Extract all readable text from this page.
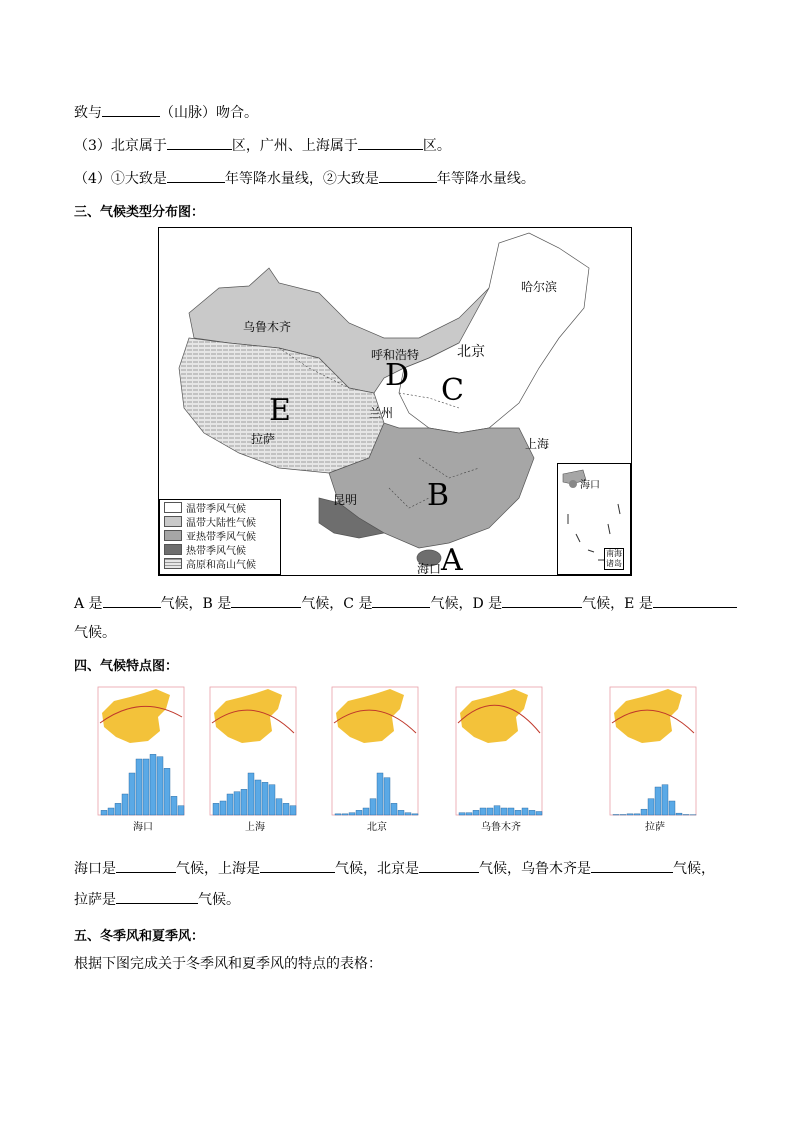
致与	（山脉）吻合。
（3）北京属于	区，广州、上海属于	区。
（4）①大致是	年等降水量线，②大致是	年等降水量线。
三、气候类型分布图：
乌鲁木齐
哈尔滨
呼和浩特	北京
兰州
拉萨	上海
昆明
海口 A
B
C
D
E
温带季风气候
温带大陆性气候
亚热带季风气候
热带季风气候
高原和高山气候
海口
南海
诸岛
A 是	气候，B 是	气候，C 是	气候，D 是	气候，E 是
气候。
四、气候特点图：
海口	上海	北京	乌鲁木齐	拉萨
海口是	气候，上海是	气候，北京是	气候，乌鲁木齐是	气候，
拉萨是	气候。
五、冬季风和夏季风：
根据下图完成关于冬季风和夏季风的特点的表格：
